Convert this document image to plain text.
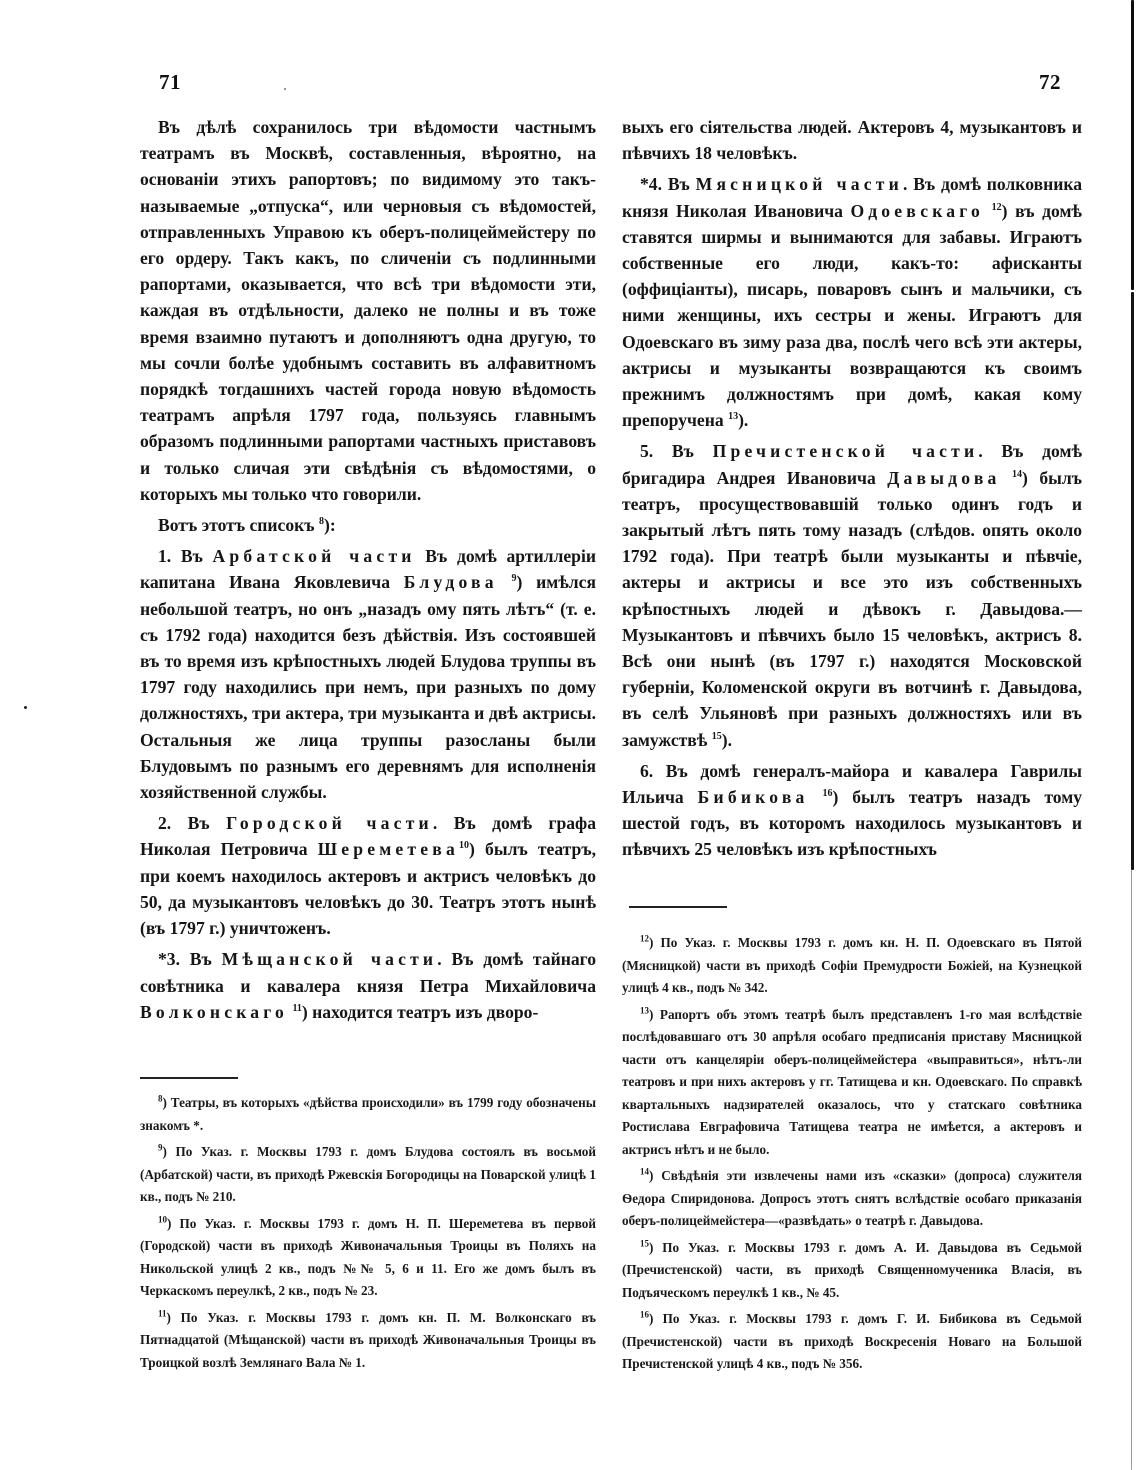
71

Въ дѣлѣ сохранилось три вѣдомости частнымъ театрамъ въ Москвѣ, составленныя, вѣроятно, на основанiи этихъ рапортовъ; по видимому это такъ-называемые „отпуска“, или черновыя съ вѣдомостей, отправленныхъ Управою къ оберъ-полицеймейстеру по его ордеру. Такъ какъ, по сличенiи съ подлинными рапортами, оказывается, что всѣ три вѣдомости эти, каждая въ отдѣльности, далеко не полны и въ тоже время взаимно путаютъ и дополняютъ одна другую, то мы сочли болѣе удобнымъ составить въ алфавитномъ порядкѣ тогдашнихъ частей города новую вѣдомость театрамъ апрѣля 1797 года, пользуясь главнымъ образомъ подлинными рапортами частныхъ приставовъ и только сличая эти свѣдѣнiя съ вѣдомостями, о которыхъ мы только что говорили.

Вотъ этотъ списокъ $^8$):

1. Въ Арбатской части Въ домѣ артиллерiи капитана Ивана Яковлевича Блудова $^9$) имѣлся небольшой театръ, но онъ „назадъ ому пять лѣтъ“ (т. е. съ 1792 года) находится безъ дѣйствiя. Изъ состоявшей въ то время изъ крѣпостныхъ людей Блудова труппы въ 1797 году находились при немъ, при разныхъ по дому должностяхъ, три актера, три музыканта и двѣ актрисы. Остальныя же лица труппы разосланы были Блудовымъ по разнымъ его деревнямъ для исполненiя хозяйственной службы.

2. Въ Городской части. Въ домѣ графа Николая Петровича Шереметева$^{10}$) былъ театръ, при коемъ находилось актеровъ и актрисъ человѣкъ до 50, да музыкантовъ человѣкъ до 30. Театръ этотъ нынѣ (въ 1797 г.) уничтоженъ.

*3. Въ Мѣщанской части. Въ домѣ тайнаго совѣтника и кавалера князя Петра Михайловича Волконскаго $^{11}$) находится театръ изъ дворо-

$^8$) Театры, въ которыхъ «дѣйства происходили» въ 1799 году обозначены знакомъ *.

$^9$) По Указ. г. Москвы 1793 г. домъ Блудова состоялъ въ восьмой (Арбатской) части, въ приходѣ Ржевскiя Богородицы на Поварской улицѣ 1 кв., подъ № 210.

$^{10}$) По Указ. г. Москвы 1793 г. домъ Н. П. Шереметева въ первой (Городской) части въ приходѣ Живоначальныя Троицы въ Поляхъ на Никольской улицѣ 2 кв., подъ №№ 5, 6 и 11. Его же домъ былъ въ Черкаскомъ переулкѣ, 2 кв., подъ № 23.

$^{11}$) По Указ. г. Москвы 1793 г. домъ кн. П. М. Волконскаго въ Пятнадцатой (Мѣщанской) части въ приходѣ Живоначальныя Троицы въ Троицкой возлѣ Землянаго Вала № 1.

72

выхъ его сiятельства людей. Актеровъ 4, музыкантовъ и пѣвчихъ 18 человѣкъ.

*4. Въ Мясницкой части. Въ домѣ полковника князя Николая Ивановича Одоевскаго $^{12}$) въ домѣ ставятся ширмы и вынимаются для забавы. Играютъ собственные его люди, какъ-то: афисканты (оффицiанты), писарь, поваровъ сынъ и мальчики, съ ними женщины, ихъ сестры и жены. Играютъ для Одоевскаго въ зиму раза два, послѣ чего всѣ эти актеры, актрисы и музыканты возвращаются къ своимъ прежнимъ должностямъ при домѣ, какая кому препоручена $^{13}$).

5. Въ Пречистенской части. Въ домѣ бригадира Андрея Ивановича Давыдова $^{14}$) былъ театръ, просуществовавшiй только одинъ годъ и закрытый лѣтъ пять тому назадъ (слѣдов. опять около 1792 года). При театрѣ были музыканты и пѣвчiе, актеры и актрисы и все это изъ собственныхъ крѣпостныхъ людей и дѣвокъ г. Давыдова.—Музыкантовъ и пѣвчихъ было 15 человѣкъ, актрисъ 8. Всѣ они нынѣ (въ 1797 г.) находятся Московской губернiи, Коломенской округи въ вотчинѣ г. Давыдова, въ селѣ Ульяновѣ при разныхъ должностяхъ или въ замужствѣ $^{15}$).

6. Въ домѣ генералъ-майора и кавалера Гаврилы Ильича Бибикова $^{16}$) былъ театръ назадъ тому шестой годъ, въ которомъ находилось музыкантовъ и пѣвчихъ 25 человѣкъ изъ крѣпостныхъ

$^{12}$) По Указ. г. Москвы 1793 г. домъ кн. Н. П. Одоевскаго въ Пятой (Мясницкой) части въ приходѣ Софiи Премудрости Божiей, на Кузнецкой улицѣ 4 кв., подъ № 342.

$^{13}$) Рапортъ объ этомъ театрѣ былъ представленъ 1-го мая вслѣдствiе послѣдовавшаго отъ 30 апрѣля особаго предписанiя приставу Мясницкой части отъ канцелярiи оберъ-полицеймейстера «выправиться», нѣтъ-ли театровъ и при нихъ актеровъ у гг. Татищева и кн. Одоевскаго. По справкѣ квартальныхъ надзирателей оказалось, что у статскаго совѣтника Ростислава Евграфовича Татищева театра не имѣется, а актеровъ и актрисъ нѣтъ и не было.

$^{14}$) Свѣдѣнiя эти извлечены нами изъ «сказки» (допроса) служителя Ѳедора Спиридонова. Допросъ этотъ снятъ вслѣдствiе особаго приказанiя оберъ-полицеймейстера—«развѣдать» о театрѣ г. Давыдова.

$^{15}$) По Указ. г. Москвы 1793 г. домъ А. И. Давыдова въ Седьмой (Пречистенской) части, въ приходѣ Священномученика Власiя, въ Подъяческомъ переулкѣ 1 кв., № 45.

$^{16}$) По Указ. г. Москвы 1793 г. домъ Г. И. Бибикова въ Седьмой (Пречистенской) части въ приходѣ Воскресенiя Новаго на Большой Пречистенской улицѣ 4 кв., подъ № 356.
